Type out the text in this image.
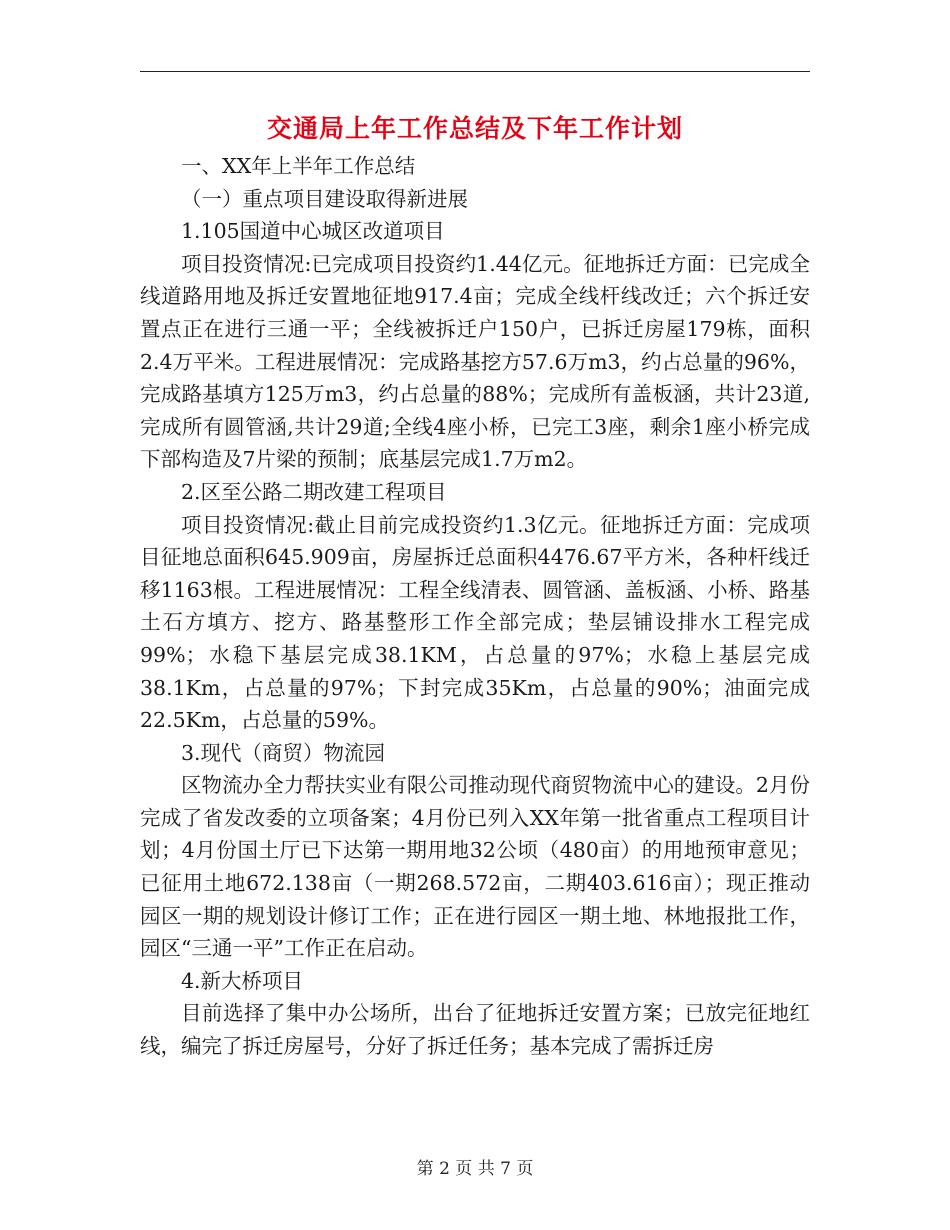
交通局上年工作总结及下年工作计划

一、XX年上半年工作总结

（一）重点项目建设取得新进展

1.105国道中心城区改道项目

项目投资情况:已完成项目投资约1.44亿元。征地拆迁方面：已完成全线道路用地及拆迁安置地征地917.4亩；完成全线杆线改迁；六个拆迁安置点正在进行三通一平；全线被拆迁户150户，已拆迁房屋179栋，面积2.4万平米。工程进展情况：完成路基挖方57.6万m3，约占总量的96%，完成路基填方125万m3，约占总量的88%；完成所有盖板涵，共计23道,完成所有圆管涵,共计29道;全线4座小桥，已完工3座，剩余1座小桥完成下部构造及7片梁的预制；底基层完成1.7万m2。

2.区至公路二期改建工程项目

项目投资情况:截止目前完成投资约1.3亿元。征地拆迁方面：完成项目征地总面积645.909亩，房屋拆迁总面积4476.67平方米，各种杆线迁移1163根。工程进展情况：工程全线清表、圆管涵、盖板涵、小桥、路基土石方填方、挖方、路基整形工作全部完成；垫层铺设排水工程完成99%；水稳下基层完成38.1KM，占总量的97%；水稳上基层完成38.1Km，占总量的97%；下封完成35Km，占总量的90%；油面完成22.5Km，占总量的59%。

3.现代（商贸）物流园

区物流办全力帮扶实业有限公司推动现代商贸物流中心的建设。2月份完成了省发改委的立项备案；4月份已列入XX年第一批省重点工程项目计划；4月份国土厅已下达第一期用地32公顷（480亩）的用地预审意见；已征用土地672.138亩（一期268.572亩，二期403.616亩）；现正推动园区一期的规划设计修订工作；正在进行园区一期土地、林地报批工作，园区“三通一平”工作正在启动。

4.新大桥项目

目前选择了集中办公场所，出台了征地拆迁安置方案；已放完征地红线，编完了拆迁房屋号，分好了拆迁任务；基本完成了需拆迁房

第 2 页 共 7 页
